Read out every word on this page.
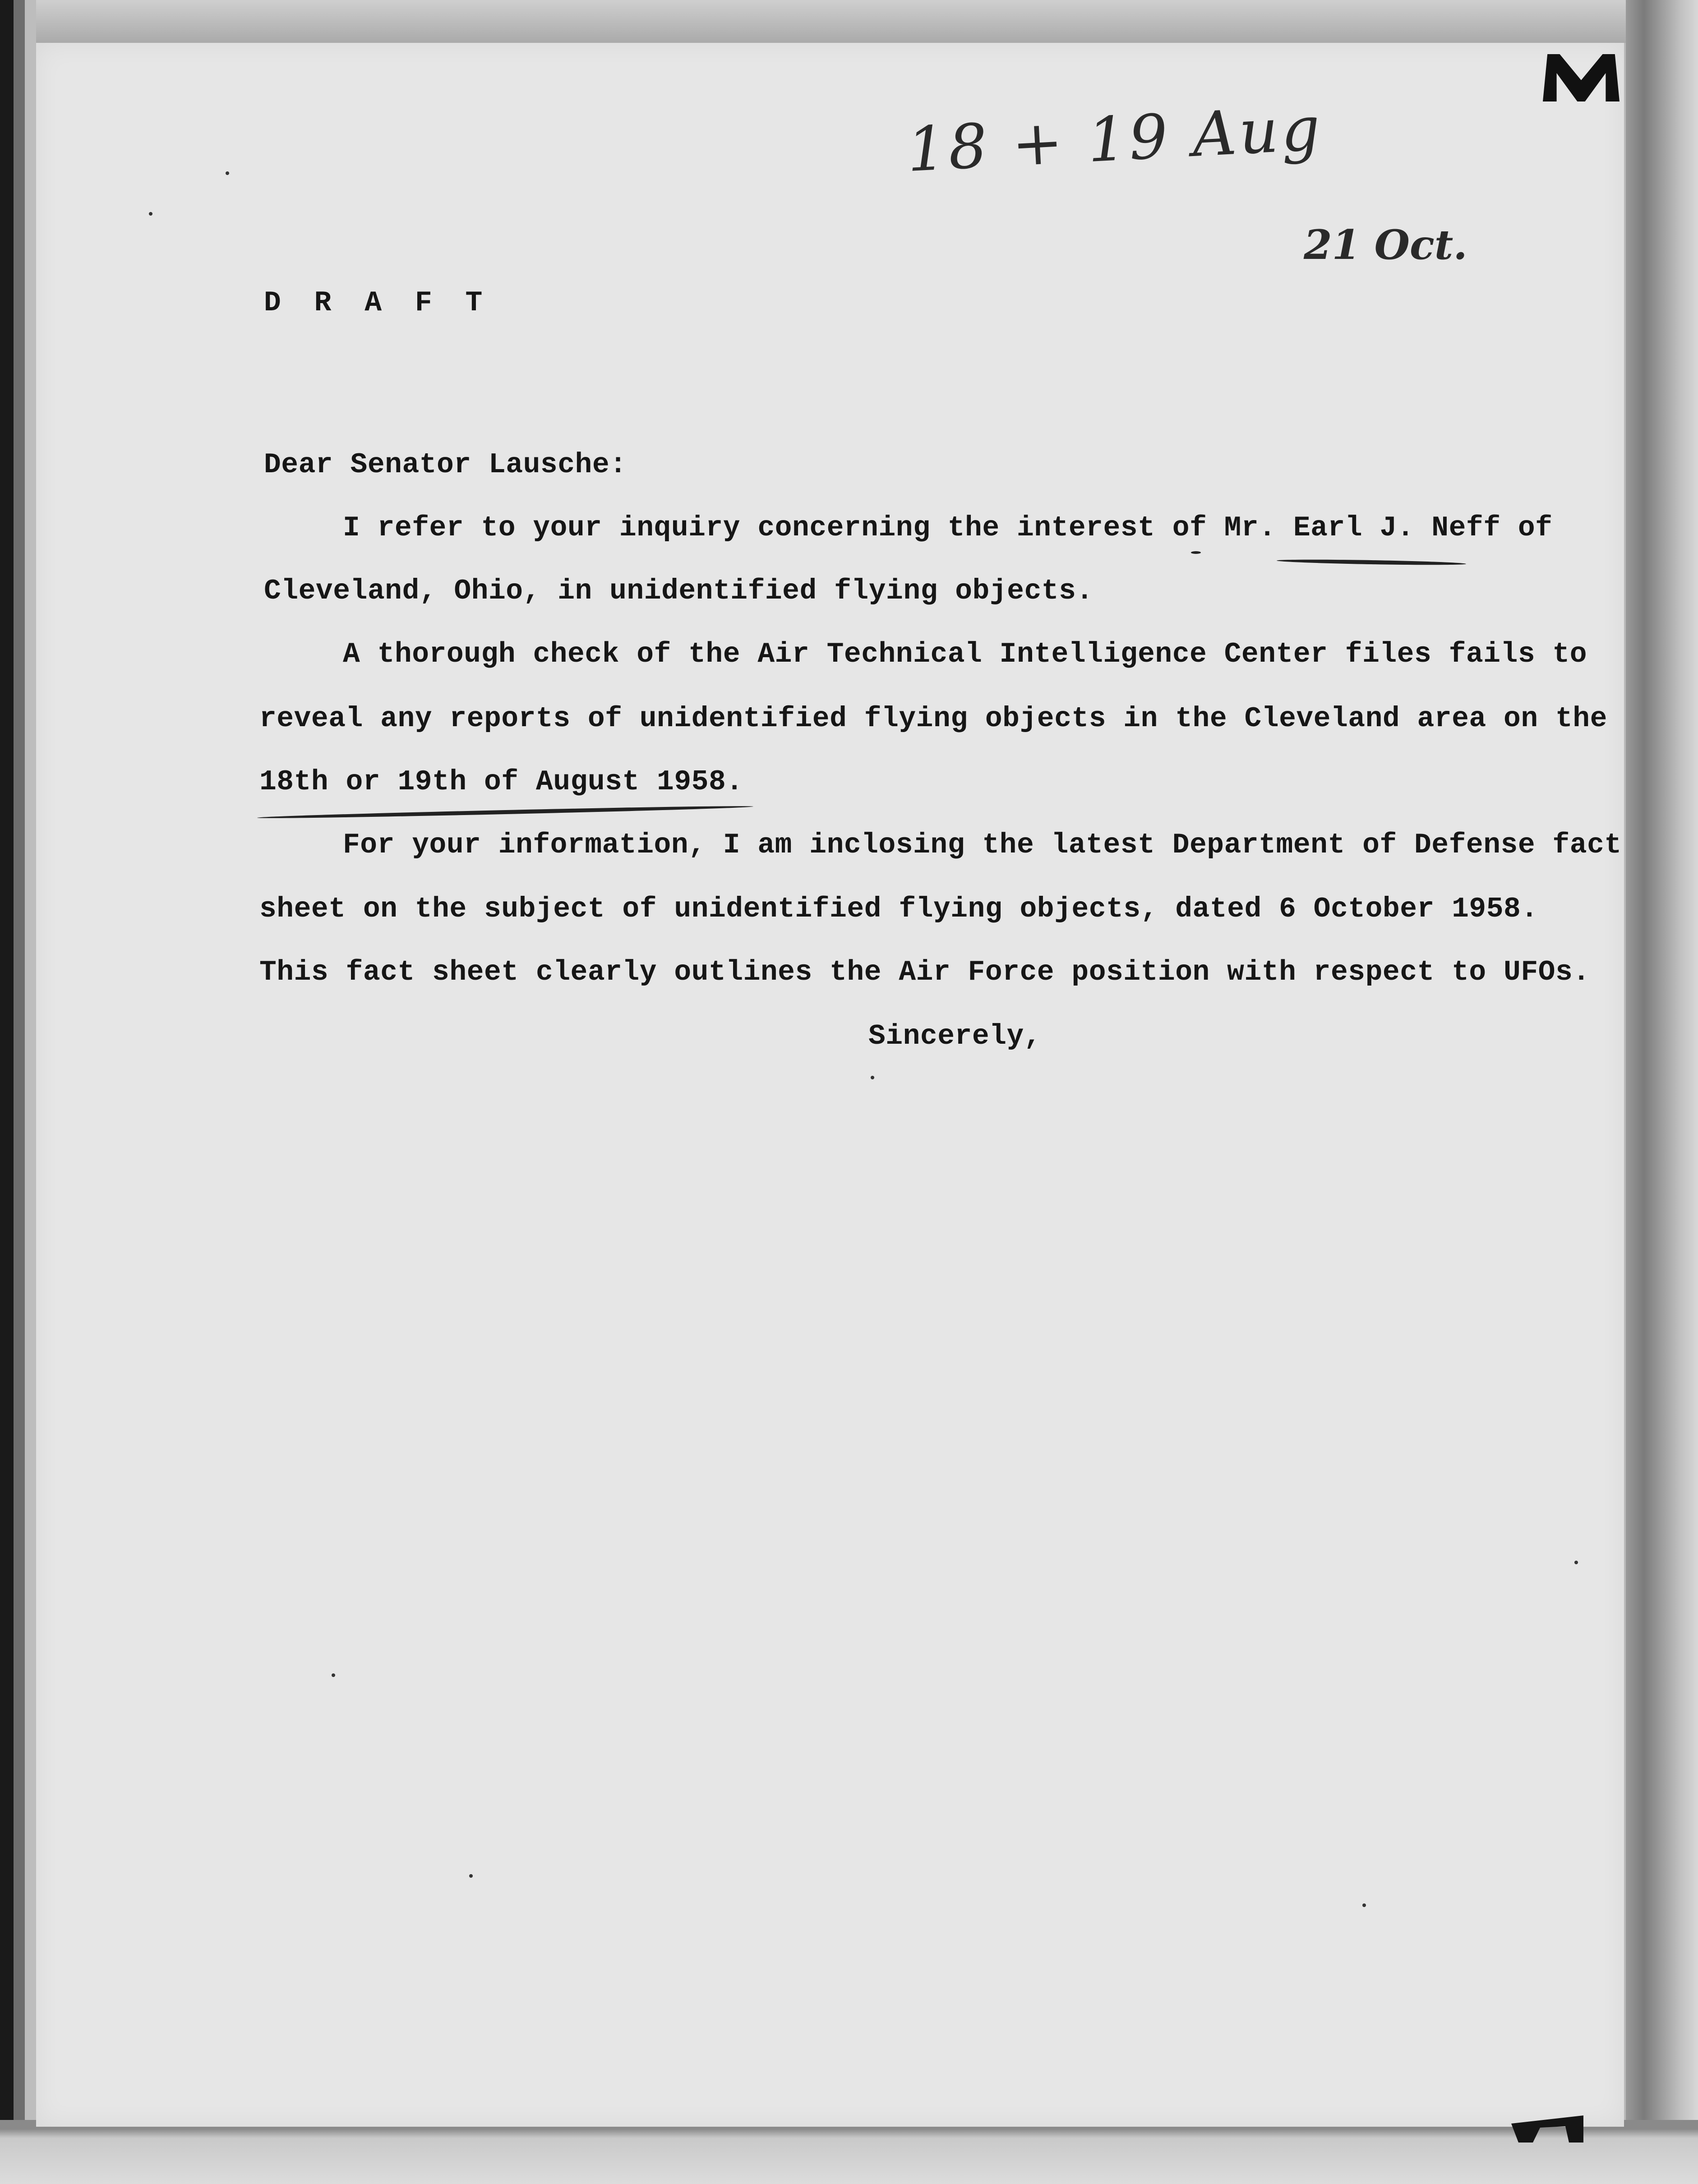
18 + 19 Aug
21 Oct.
D R A F T
Dear Senator Lausche:
I refer to your inquiry concerning the interest of Mr. Earl J. Neff of
Cleveland, Ohio, in unidentified flying objects.
A thorough check of the Air Technical Intelligence Center files fails to
reveal any reports of unidentified flying objects in the Cleveland area on the
18th or 19th of August 1958.
For your information, I am inclosing the latest Department of Defense fact
sheet on the subject of unidentified flying objects, dated 6 October 1958.
This fact sheet clearly outlines the Air Force position with respect to UFOs.
Sincerely,
